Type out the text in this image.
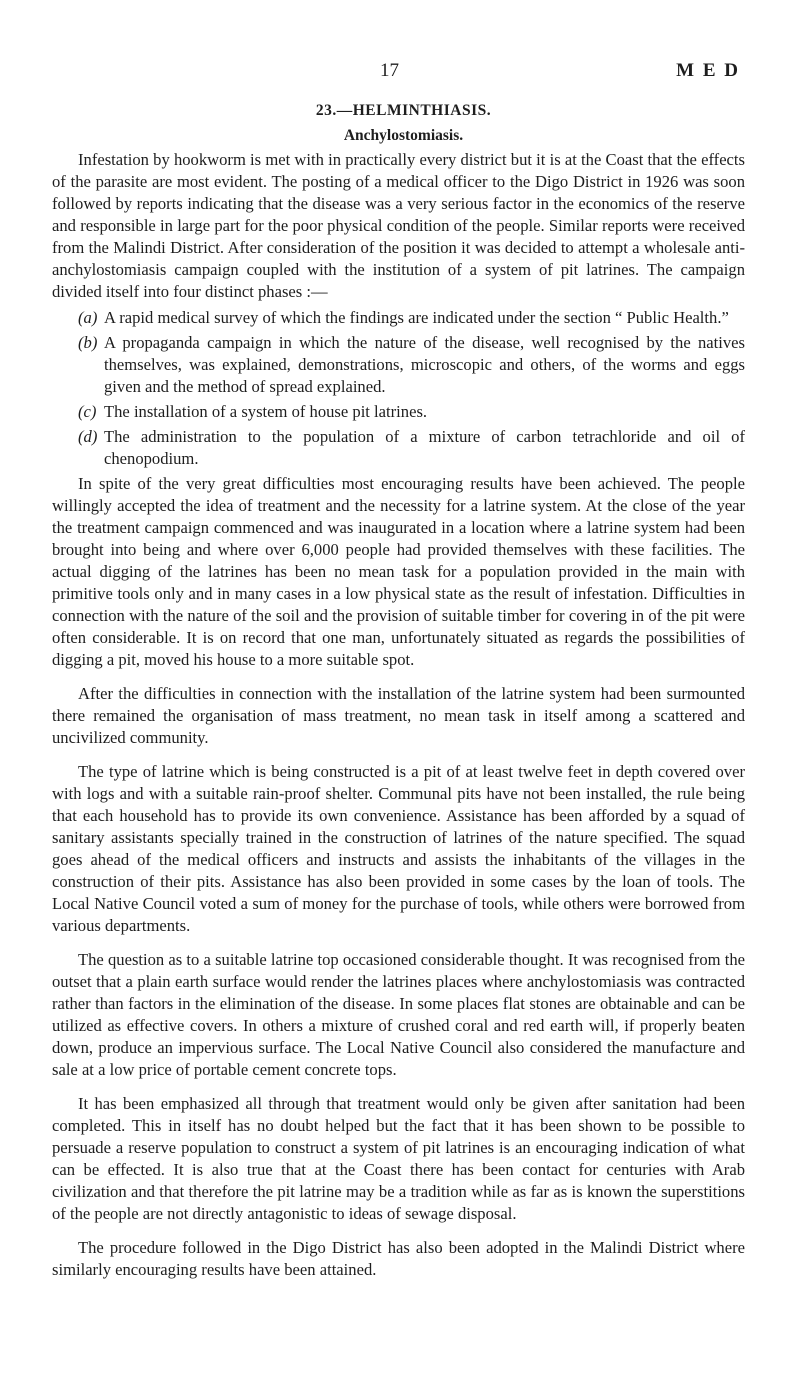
17	M E D
23.—HELMINTHIASIS.
Anchylostomiasis.

Infestation by hookworm is met with in practically every district but it is at the Coast that the effects of the parasite are most evident. The posting of a medical officer to the Digo District in 1926 was soon followed by reports indicating that the disease was a very serious factor in the economics of the reserve and responsible in large part for the poor physical condition of the people. Similar reports were received from the Malindi District. After consideration of the position it was decided to attempt a wholesale anti-anchylostomiasis campaign coupled with the institution of a system of pit latrines. The campaign divided itself into four distinct phases :—

(a) A rapid medical survey of which the findings are indicated under the section “ Public Health.”
(b) A propaganda campaign in which the nature of the disease, well recognised by the natives themselves, was explained, demonstrations, microscopic and others, of the worms and eggs given and the method of spread explained.
(c) The installation of a system of house pit latrines.
(d) The administration to the population of a mixture of carbon tetrachloride and oil of chenopodium.

In spite of the very great difficulties most encouraging results have been achieved. The people willingly accepted the idea of treatment and the necessity for a latrine system. At the close of the year the treatment campaign commenced and was inaugurated in a location where a latrine system had been brought into being and where over 6,000 people had provided themselves with these facilities. The actual digging of the latrines has been no mean task for a population provided in the main with primitive tools only and in many cases in a low physical state as the result of infestation. Difficulties in connection with the nature of the soil and the provision of suitable timber for covering in of the pit were often considerable. It is on record that one man, unfortunately situated as regards the possibilities of digging a pit, moved his house to a more suitable spot.

After the difficulties in connection with the installation of the latrine system had been surmounted there remained the organisation of mass treatment, no mean task in itself among a scattered and uncivilized community.

The type of latrine which is being constructed is a pit of at least twelve feet in depth covered over with logs and with a suitable rain-proof shelter. Communal pits have not been installed, the rule being that each household has to provide its own convenience. Assistance has been afforded by a squad of sanitary assistants specially trained in the construction of latrines of the nature specified. The squad goes ahead of the medical officers and instructs and assists the inhabitants of the villages in the construction of their pits. Assistance has also been provided in some cases by the loan of tools. The Local Native Council voted a sum of money for the purchase of tools, while others were borrowed from various departments.

The question as to a suitable latrine top occasioned considerable thought. It was recognised from the outset that a plain earth surface would render the latrines places where anchylostomiasis was contracted rather than factors in the elimination of the disease. In some places flat stones are obtainable and can be utilized as effective covers. In others a mixture of crushed coral and red earth will, if properly beaten down, produce an impervious surface. The Local Native Council also considered the manufacture and sale at a low price of portable cement concrete tops.

It has been emphasized all through that treatment would only be given after sanitation had been completed. This in itself has no doubt helped but the fact that it has been shown to be possible to persuade a reserve population to construct a system of pit latrines is an encouraging indication of what can be effected. It is also true that at the Coast there has been contact for centuries with Arab civilization and that therefore the pit latrine may be a tradition while as far as is known the superstitions of the people are not directly antagonistic to ideas of sewage disposal.

The procedure followed in the Digo District has also been adopted in the Malindi District where similarly encouraging results have been attained.
